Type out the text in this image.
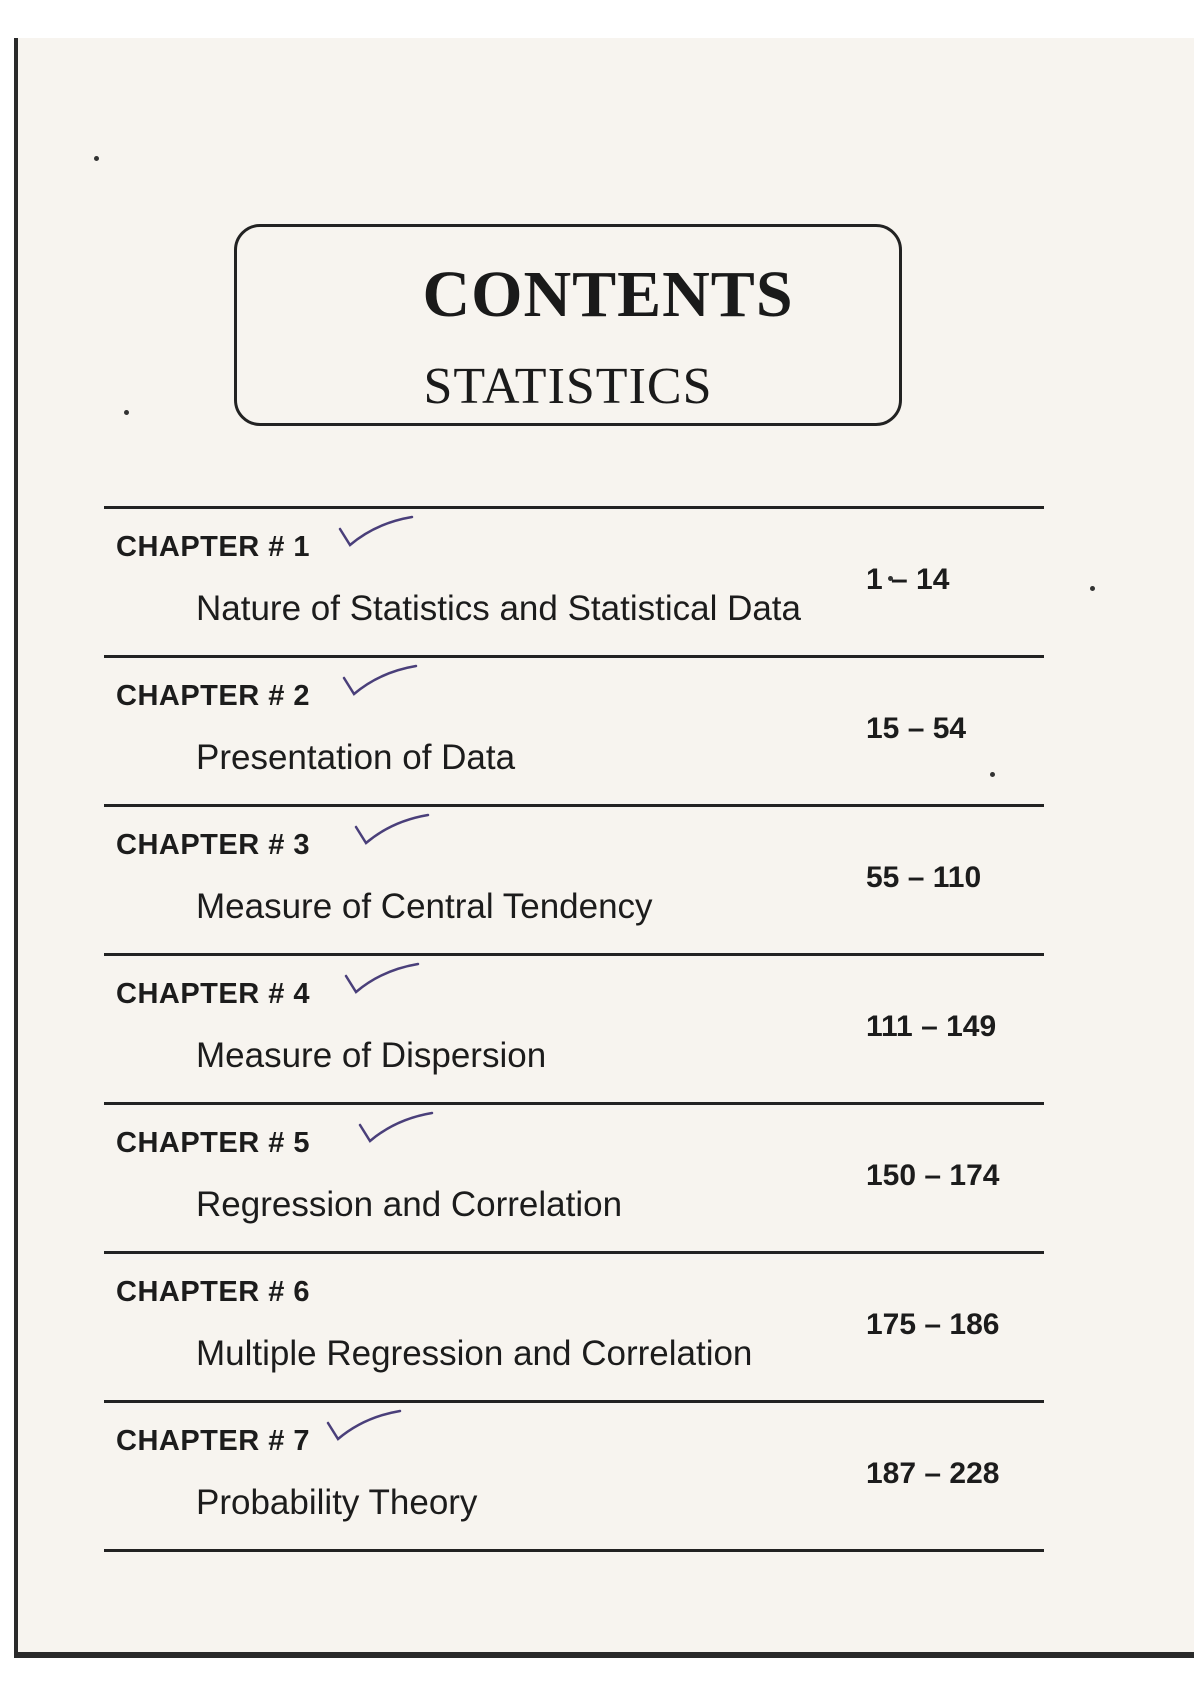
CONTENTS
STATISTICS
CHAPTER # 1
Nature of Statistics and Statistical Data
1 – 14
CHAPTER # 2
Presentation of Data
15 – 54
CHAPTER # 3
Measure of Central Tendency
55 – 110
CHAPTER # 4
Measure of Dispersion
111 – 149
CHAPTER # 5
Regression and Correlation
150 – 174
CHAPTER # 6
Multiple Regression and Correlation
175 – 186
CHAPTER # 7
Probability Theory
187 – 228
